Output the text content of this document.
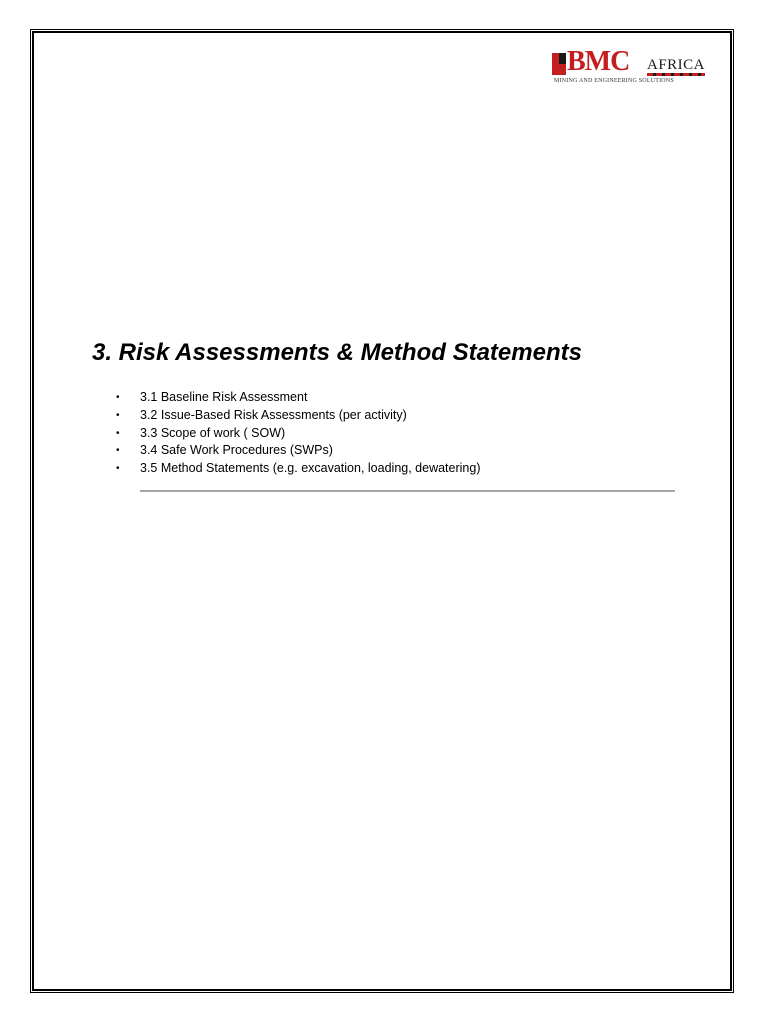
BMC AFRICA
MINING AND ENGINEERING SOLUTIONS
3. Risk Assessments & Method Statements
• 3.1 Baseline Risk Assessment
• 3.2 Issue-Based Risk Assessments (per activity)
• 3.3 Scope of work ( SOW)
• 3.4 Safe Work Procedures (SWPs)
• 3.5 Method Statements (e.g. excavation, loading, dewatering)
